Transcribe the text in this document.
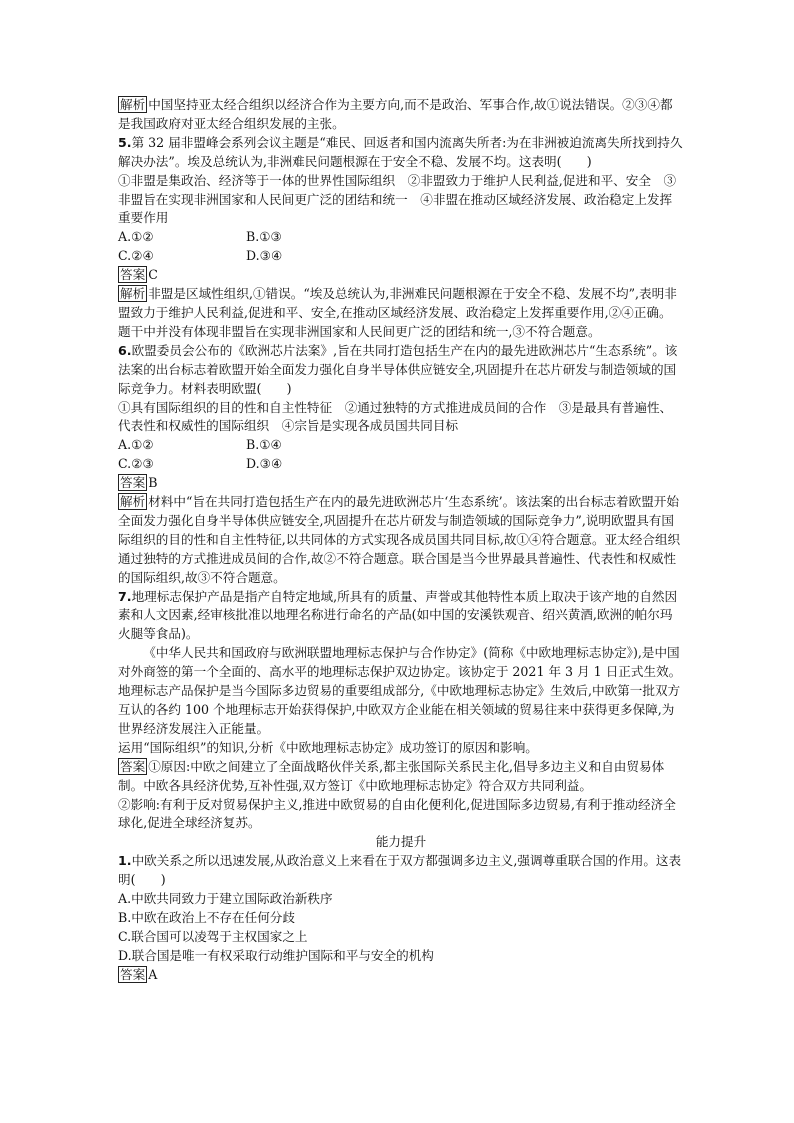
解析 中国坚持亚太经合组织以经济合作为主要方向,而不是政治、军事合作,故①说法错误。②③④都是我国政府对亚太经合组织发展的主张。

5.第 32 届非盟峰会系列会议主题是“难民、回返者和国内流离失所者:为在非洲被迫流离失所找到持久解决办法”。埃及总统认为,非洲难民问题根源在于安全不稳、发展不均。这表明(　　)

①非盟是集政治、经济等于一体的世界性国际组织　②非盟致力于维护人民利益,促进和平、安全　③非盟旨在实现非洲国家和人民间更广泛的团结和统一　④非盟在推动区域经济发展、政治稳定上发挥重要作用

A.①②	B.①③
C.②④	D.③④

答案 C

解析 非盟是区域性组织,①错误。“埃及总统认为,非洲难民问题根源在于安全不稳、发展不均”,表明非盟致力于维护人民利益,促进和平、安全,在推动区域经济发展、政治稳定上发挥重要作用,②④正确。题干中并没有体现非盟旨在实现非洲国家和人民间更广泛的团结和统一,③不符合题意。

6.欧盟委员会公布的《欧洲芯片法案》,旨在共同打造包括生产在内的最先进欧洲芯片“生态系统”。该法案的出台标志着欧盟开始全面发力强化自身半导体供应链安全,巩固提升在芯片研发与制造领域的国际竞争力。材料表明欧盟(　　)

①具有国际组织的目的性和自主性特征　②通过独特的方式推进成员间的合作　③是最具有普遍性、代表性和权威性的国际组织　④宗旨是实现各成员国共同目标

A.①②	B.①④
C.②③	D.③④

答案 B

解析 材料中“旨在共同打造包括生产在内的最先进欧洲芯片‘生态系统’。该法案的出台标志着欧盟开始全面发力强化自身半导体供应链安全,巩固提升在芯片研发与制造领域的国际竞争力”,说明欧盟具有国际组织的目的性和自主性特征,以共同体的方式实现各成员国共同目标,故①④符合题意。亚太经合组织通过独特的方式推进成员间的合作,故②不符合题意。联合国是当今世界最具普遍性、代表性和权威性的国际组织,故③不符合题意。

7.地理标志保护产品是指产自特定地域,所具有的质量、声誉或其他特性本质上取决于该产地的自然因素和人文因素,经审核批准以地理名称进行命名的产品(如中国的安溪铁观音、绍兴黄酒,欧洲的帕尔玛火腿等食品)。

《中华人民共和国政府与欧洲联盟地理标志保护与合作协定》(简称《中欧地理标志协定》),是中国对外商签的第一个全面的、高水平的地理标志保护双边协定。该协定于 2021 年 3 月 1 日正式生效。地理标志产品保护是当今国际多边贸易的重要组成部分,《中欧地理标志协定》生效后,中欧第一批双方互认的各约 100 个地理标志开始获得保护,中欧双方企业能在相关领域的贸易往来中获得更多保障,为世界经济发展注入正能量。

运用“国际组织”的知识,分析《中欧地理标志协定》成功签订的原因和影响。

答案 ①原因:中欧之间建立了全面战略伙伴关系,都主张国际关系民主化,倡导多边主义和自由贸易体制。中欧各具经济优势,互补性强,双方签订《中欧地理标志协定》符合双方共同利益。

②影响:有利于反对贸易保护主义,推进中欧贸易的自由化便利化,促进国际多边贸易,有利于推动经济全球化,促进全球经济复苏。

能力提升

1.中欧关系之所以迅速发展,从政治意义上来看在于双方都强调多边主义,强调尊重联合国的作用。这表明(　　)

A.中欧共同致力于建立国际政治新秩序

B.中欧在政治上不存在任何分歧

C.联合国可以凌驾于主权国家之上

D.联合国是唯一有权采取行动维护国际和平与安全的机构

答案 A
